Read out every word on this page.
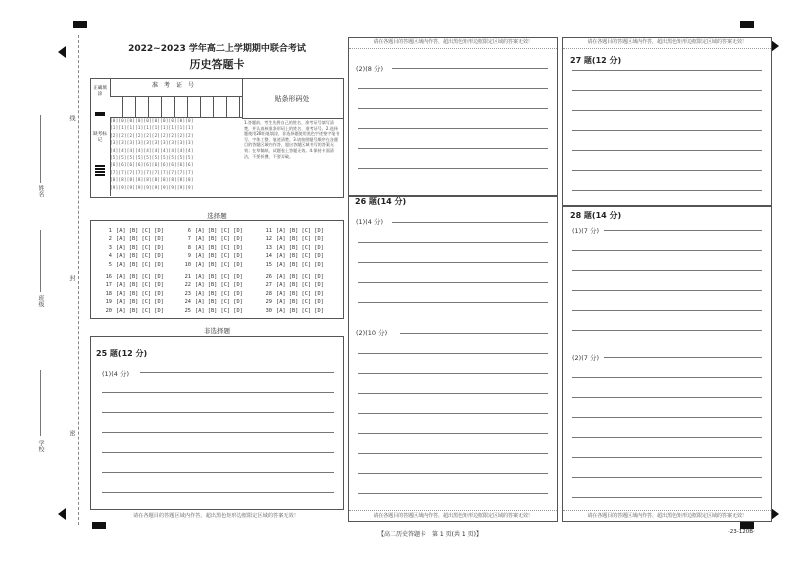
线
封
密
姓名
班级
学校
2022~2023 学年高二上学期期中联合考试
历史答题卡
正确填涂
缺考标记
准考证号
[0][0][0][0][0][0][0][0][0][0]
[1][1][1][1][1][1][1][1][1][1]
[2][2][2][2][2][2][2][2][2][2]
[3][3][3][3][3][3][3][3][3][3]
[4][4][4][4][4][4][4][4][4][4]
[5][5][5][5][5][5][5][5][5][5]
[6][6][6][6][6][6][6][6][6][6]
[7][7][7][7][7][7][7][7][7][7]
[8][8][8][8][8][8][8][8][8][8]
[9][9][9][9][9][9][9][9][9][9]
贴条形码处
1.答题前，考生先将自己的姓名、准考证号填写清楚，并认真核准条形码上的姓名、准考证号。2.选择题使用2B铅笔填涂，非选择题使用黑色字迹签字笔书写，字体工整、笔迹清楚。3.请按照题号顺序在各题目的答题区域内作答，超出答题区域书写的答案无效；在草稿纸、试题卷上答题无效。4.保持卡面清洁，不要折叠、不要弄破。
选择题
1 [A] [B] [C] [D]
2 [A] [B] [C] [D]
3 [A] [B] [C] [D]
4 [A] [B] [C] [D]
5 [A] [B] [C] [D]
6 [A] [B] [C] [D]
7 [A] [B] [C] [D]
8 [A] [B] [C] [D]
9 [A] [B] [C] [D]
10 [A] [B] [C] [D]
11 [A] [B] [C] [D]
12 [A] [B] [C] [D]
13 [A] [B] [C] [D]
14 [A] [B] [C] [D]
15 [A] [B] [C] [D]
16 [A] [B] [C] [D]
17 [A] [B] [C] [D]
18 [A] [B] [C] [D]
19 [A] [B] [C] [D]
20 [A] [B] [C] [D]
21 [A] [B] [C] [D]
22 [A] [B] [C] [D]
23 [A] [B] [C] [D]
24 [A] [B] [C] [D]
25 [A] [B] [C] [D]
26 [A] [B] [C] [D]
27 [A] [B] [C] [D]
28 [A] [B] [C] [D]
29 [A] [B] [C] [D]
30 [A] [B] [C] [D]
非选择题
25 题(12 分)
(1)(4 分)
请在各题目的答题区域内作答，超出黑色矩形边框限定区域的答案无效！
请在各题目的答题区域内作答，超出黑色矩形边框限定区域的答案无效！
(2)(8 分)
请在各题目的答题区域内作答，超出黑色矩形边框限定区域的答案无效！
26 题(14 分)
(1)(4 分)
(2)(10 分)
请在各题目的答题区域内作答，超出黑色矩形边框限定区域的答案无效！
27 题(12 分)
请在各题目的答题区域内作答，超出黑色矩形边框限定区域的答案无效！
28 题(14 分)
(1)(7 分)
(2)(7 分)
【高二历史答题卡　第 1 页(共 1 页)】	·23-120B·
